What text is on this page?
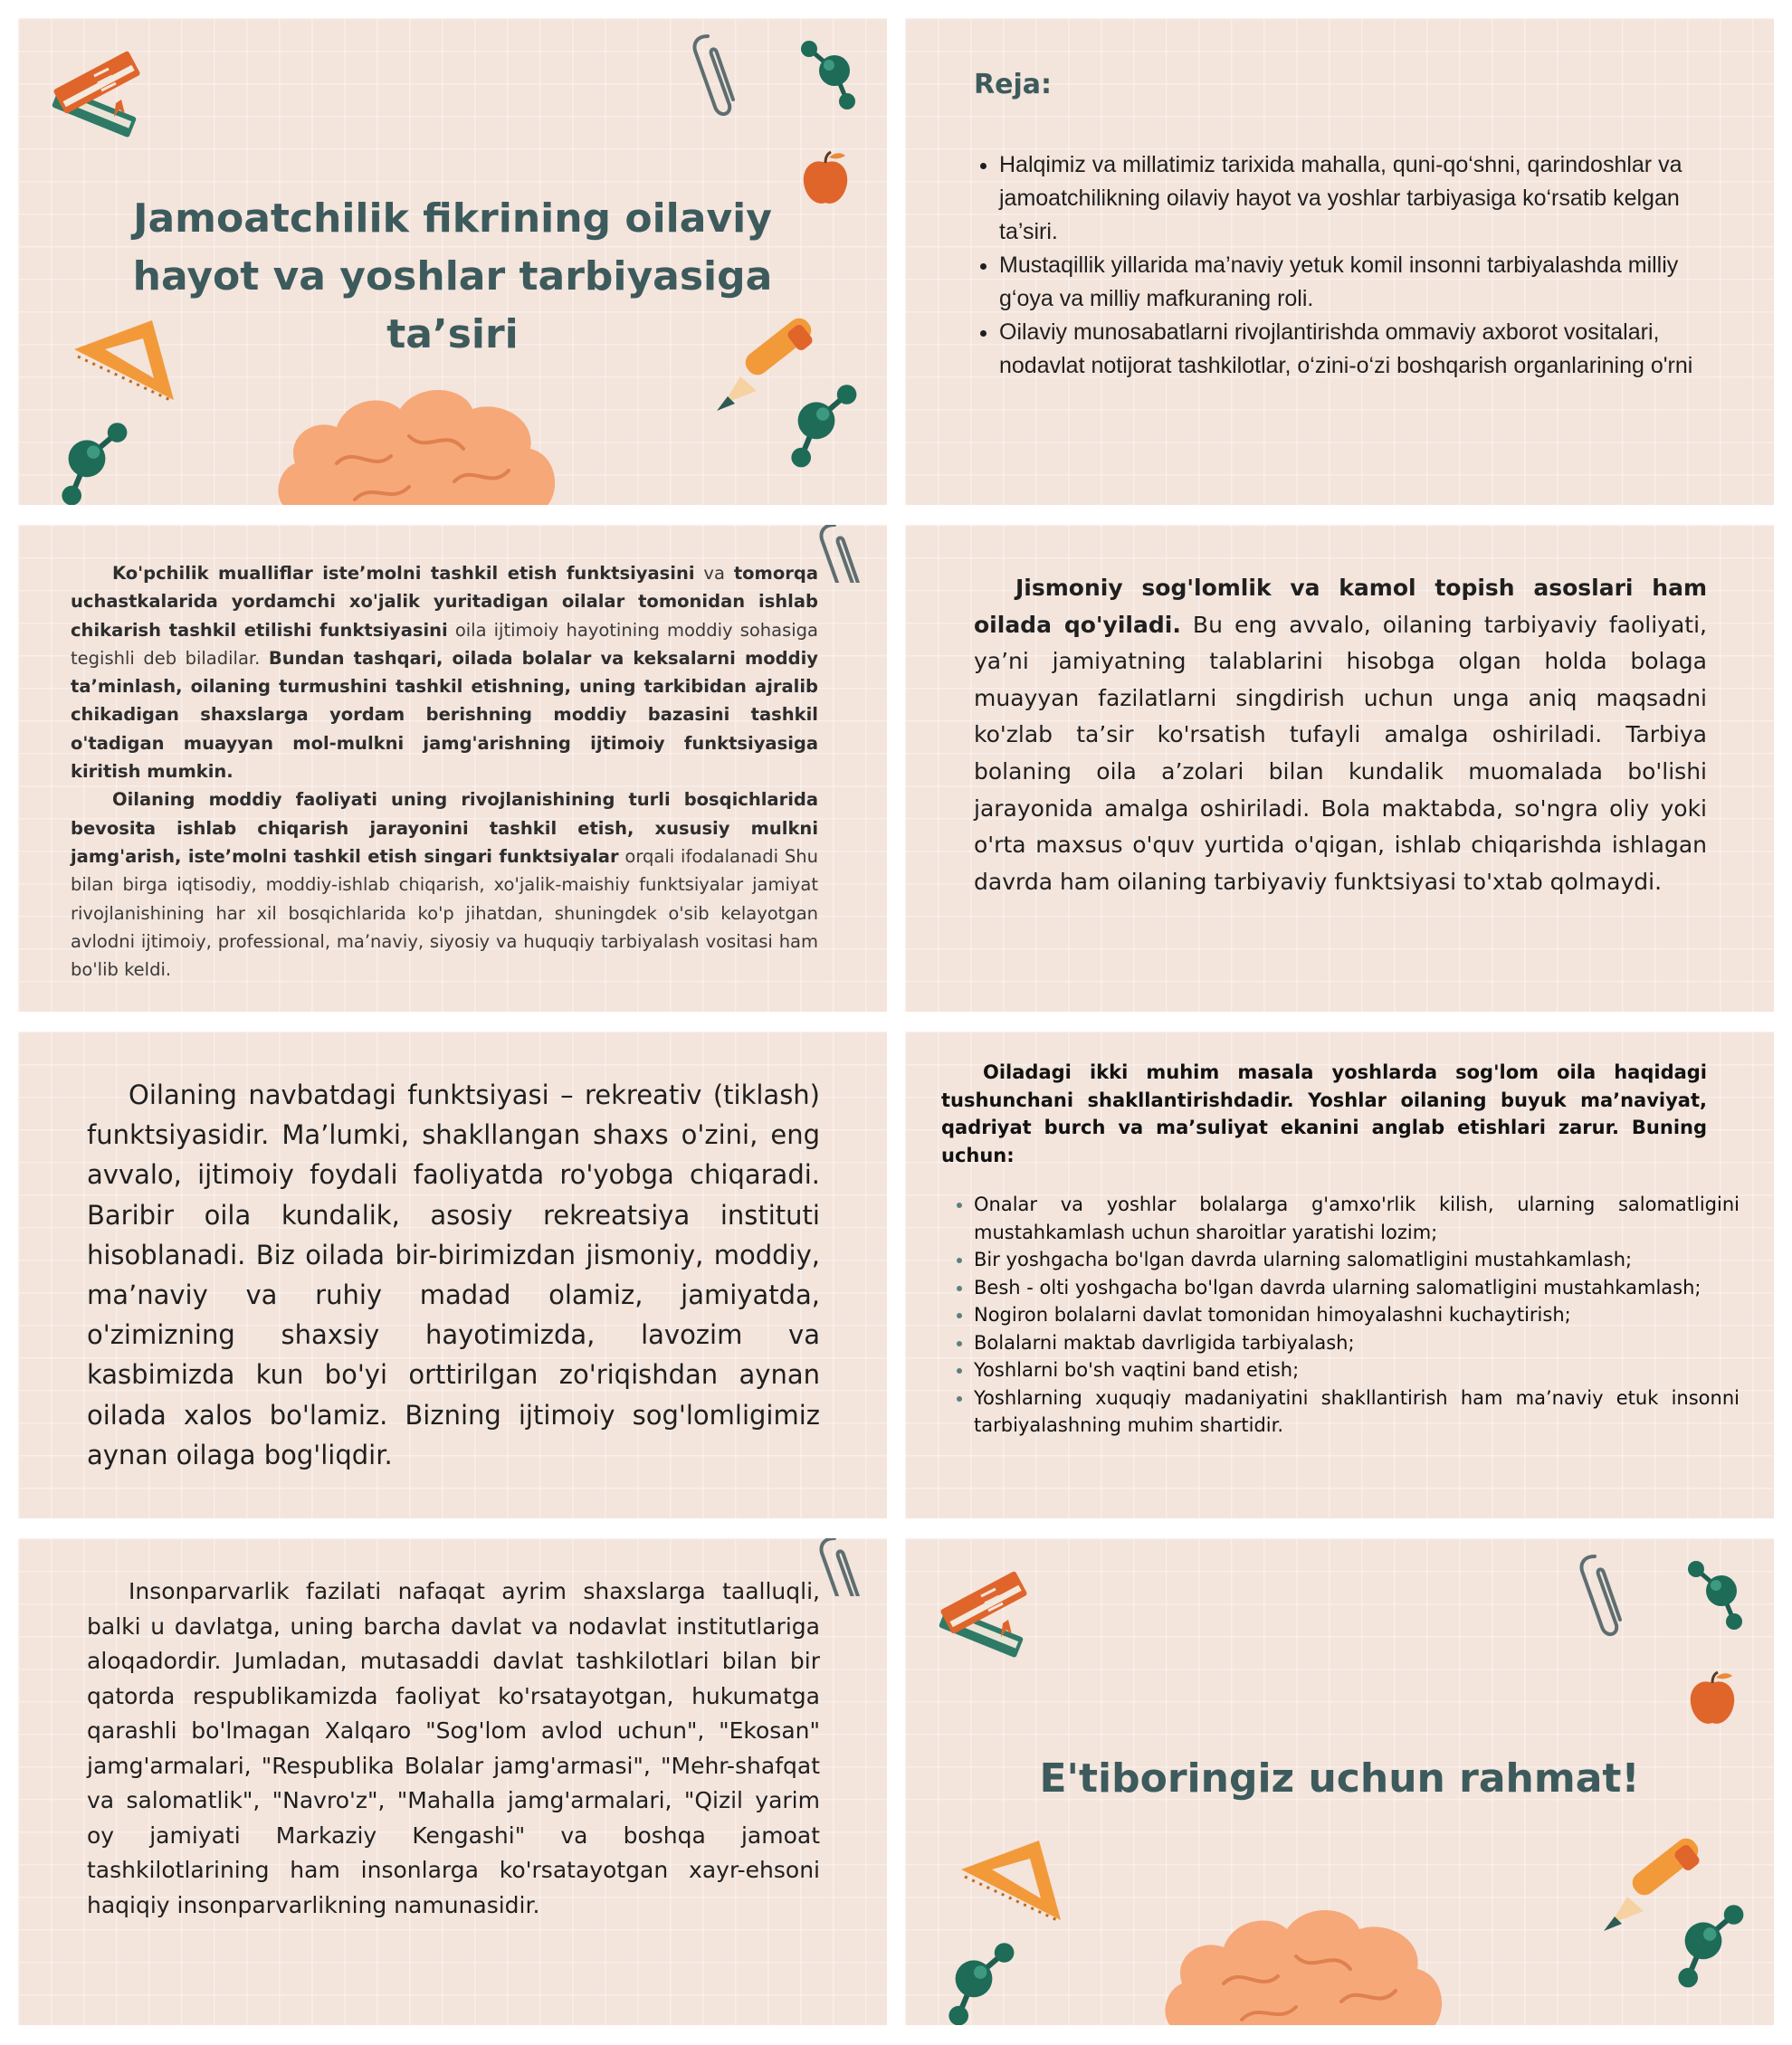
Jamoatchilik fikrining oilaviy hayot va yoshlar tarbiyasiga ta’siri
Reja:
• Halqimiz va millatimiz tarixida mahalla, quni-qo‘shni, qarindoshlar va jamoatchilikning oilaviy hayot va yoshlar tarbiyasiga ko‘rsatib kelgan ta’siri.
• Mustaqillik yillarida ma’naviy yetuk komil insonni tarbiyalashda milliy g‘oya va milliy mafkuraning roli.
• Oilaviy munosabatlarni rivojlantirishda ommaviy axborot vositalari, nodavlat notijorat tashkilotlar, o‘zini-o‘zi boshqarish organlarining o'rni

Ko'pchilik mualliflar iste’molni tashkil etish funktsiyasini va tomorqa uchastkalarida yordamchi xo'jalik yuritadigan oilalar tomonidan ishlab chikarish tashkil etilishi funktsiyasini oila ijtimoiy hayotining moddiy sohasiga tegishli deb biladilar. Bundan tashqari, oilada bolalar va keksalarni moddiy ta’minlash, oilaning turmushini tashkil etishning, uning tarkibidan ajralib chikadigan shaxslarga yordam berishning moddiy bazasini tashkil o'tadigan muayyan mol-mulkni jamg'arishning ijtimoiy funktsiyasiga kiritish mumkin.

Oilaning moddiy faoliyati uning rivojlanishining turli bosqichlarida bevosita ishlab chiqarish jarayonini tashkil etish, xususiy mulkni jamg'arish, iste’molni tashkil etish singari funktsiyalar orqali ifodalanadi Shu bilan birga iqtisodiy, moddiy-ishlab chiqarish, xo'jalik-maishiy funktsiyalar jamiyat rivojlanishining har xil bosqichlarida ko'p jihatdan, shuningdek o'sib kelayotgan avlodni ijtimoiy, professional, ma’naviy, siyosiy va huquqiy tarbiyalash vositasi ham bo'lib keldi.

Jismoniy sog'lomlik va kamol topish asoslari ham oilada qo'yiladi. Bu eng avvalo, oilaning tarbiyaviy faoliyati, ya’ni jamiyatning talablarini hisobga olgan holda bolaga muayyan fazilatlarni singdirish uchun unga aniq maqsadni ko'zlab ta’sir ko'rsatish tufayli amalga oshiriladi. Tarbiya bolaning oila a’zolari bilan kundalik muomalada bo'lishi jarayonida amalga oshiriladi. Bola maktabda, so'ngra oliy yoki o'rta maxsus o'quv yurtida o'qigan, ishlab chiqarishda ishlagan davrda ham oilaning tarbiyaviy funktsiyasi to'xtab qolmaydi.

Oilaning navbatdagi funktsiyasi – rekreativ (tiklash) funktsiyasidir. Ma’lumki, shakllangan shaxs o'zini, eng avvalo, ijtimoiy foydali faoliyatda ro'yobga chiqaradi. Baribir oila kundalik, asosiy rekreatsiya instituti hisoblanadi. Biz oilada bir-birimizdan jismoniy, moddiy, ma’naviy va ruhiy madad olamiz, jamiyatda, o'zimizning shaxsiy hayotimizda, lavozim va kasbimizda kun bo'yi orttirilgan zo'riqishdan aynan oilada xalos bo'lamiz. Bizning ijtimoiy sog'lomligimiz aynan oilaga bog'liqdir.

Oiladagi ikki muhim masala yoshlarda sog'lom oila haqidagi tushunchani shakllantirishdadir. Yoshlar oilaning buyuk ma’naviyat, qadriyat burch va ma’suliyat ekanini anglab etishlari zarur. Buning uchun:

• Onalar va yoshlar bolalarga g'amxo'rlik kilish, ularning salomatligini mustahkamlash uchun sharoitlar yaratishi lozim;
• Bir yoshgacha bo'lgan davrda ularning salomatligini mustahkamlash;
• Besh - olti yoshgacha bo'lgan davrda ularning salomatligini mustahkamlash;
• Nogiron bolalarni davlat tomonidan himoyalashni kuchaytirish;
• Bolalarni maktab davrligida tarbiyalash;
• Yoshlarni bo'sh vaqtini band etish;
• Yoshlarning xuquqiy madaniyatini shakllantirish ham ma’naviy etuk insonni tarbiyalashning muhim shartidir.

Insonparvarlik fazilati nafaqat ayrim shaxslarga taalluqli, balki u davlatga, uning barcha davlat va nodavlat institutlariga aloqadordir. Jumladan, mutasaddi davlat tashkilotlari bilan bir qatorda respublikamizda faoliyat ko'rsatayotgan, hukumatga qarashli bo'lmagan Xalqaro "Sog'lom avlod uchun", "Ekosan" jamg'armalari, "Respublika Bolalar jamg'armasi", "Mehr-shafqat va salomatlik", "Navro'z", "Mahalla jamg'armalari, "Qizil yarim oy jamiyati Markaziy Kengashi" va boshqa jamoat tashkilotlarining ham insonlarga ko'rsatayotgan xayr-ehsoni haqiqiy insonparvarlikning namunasidir.

E'tiboringiz uchun rahmat!
